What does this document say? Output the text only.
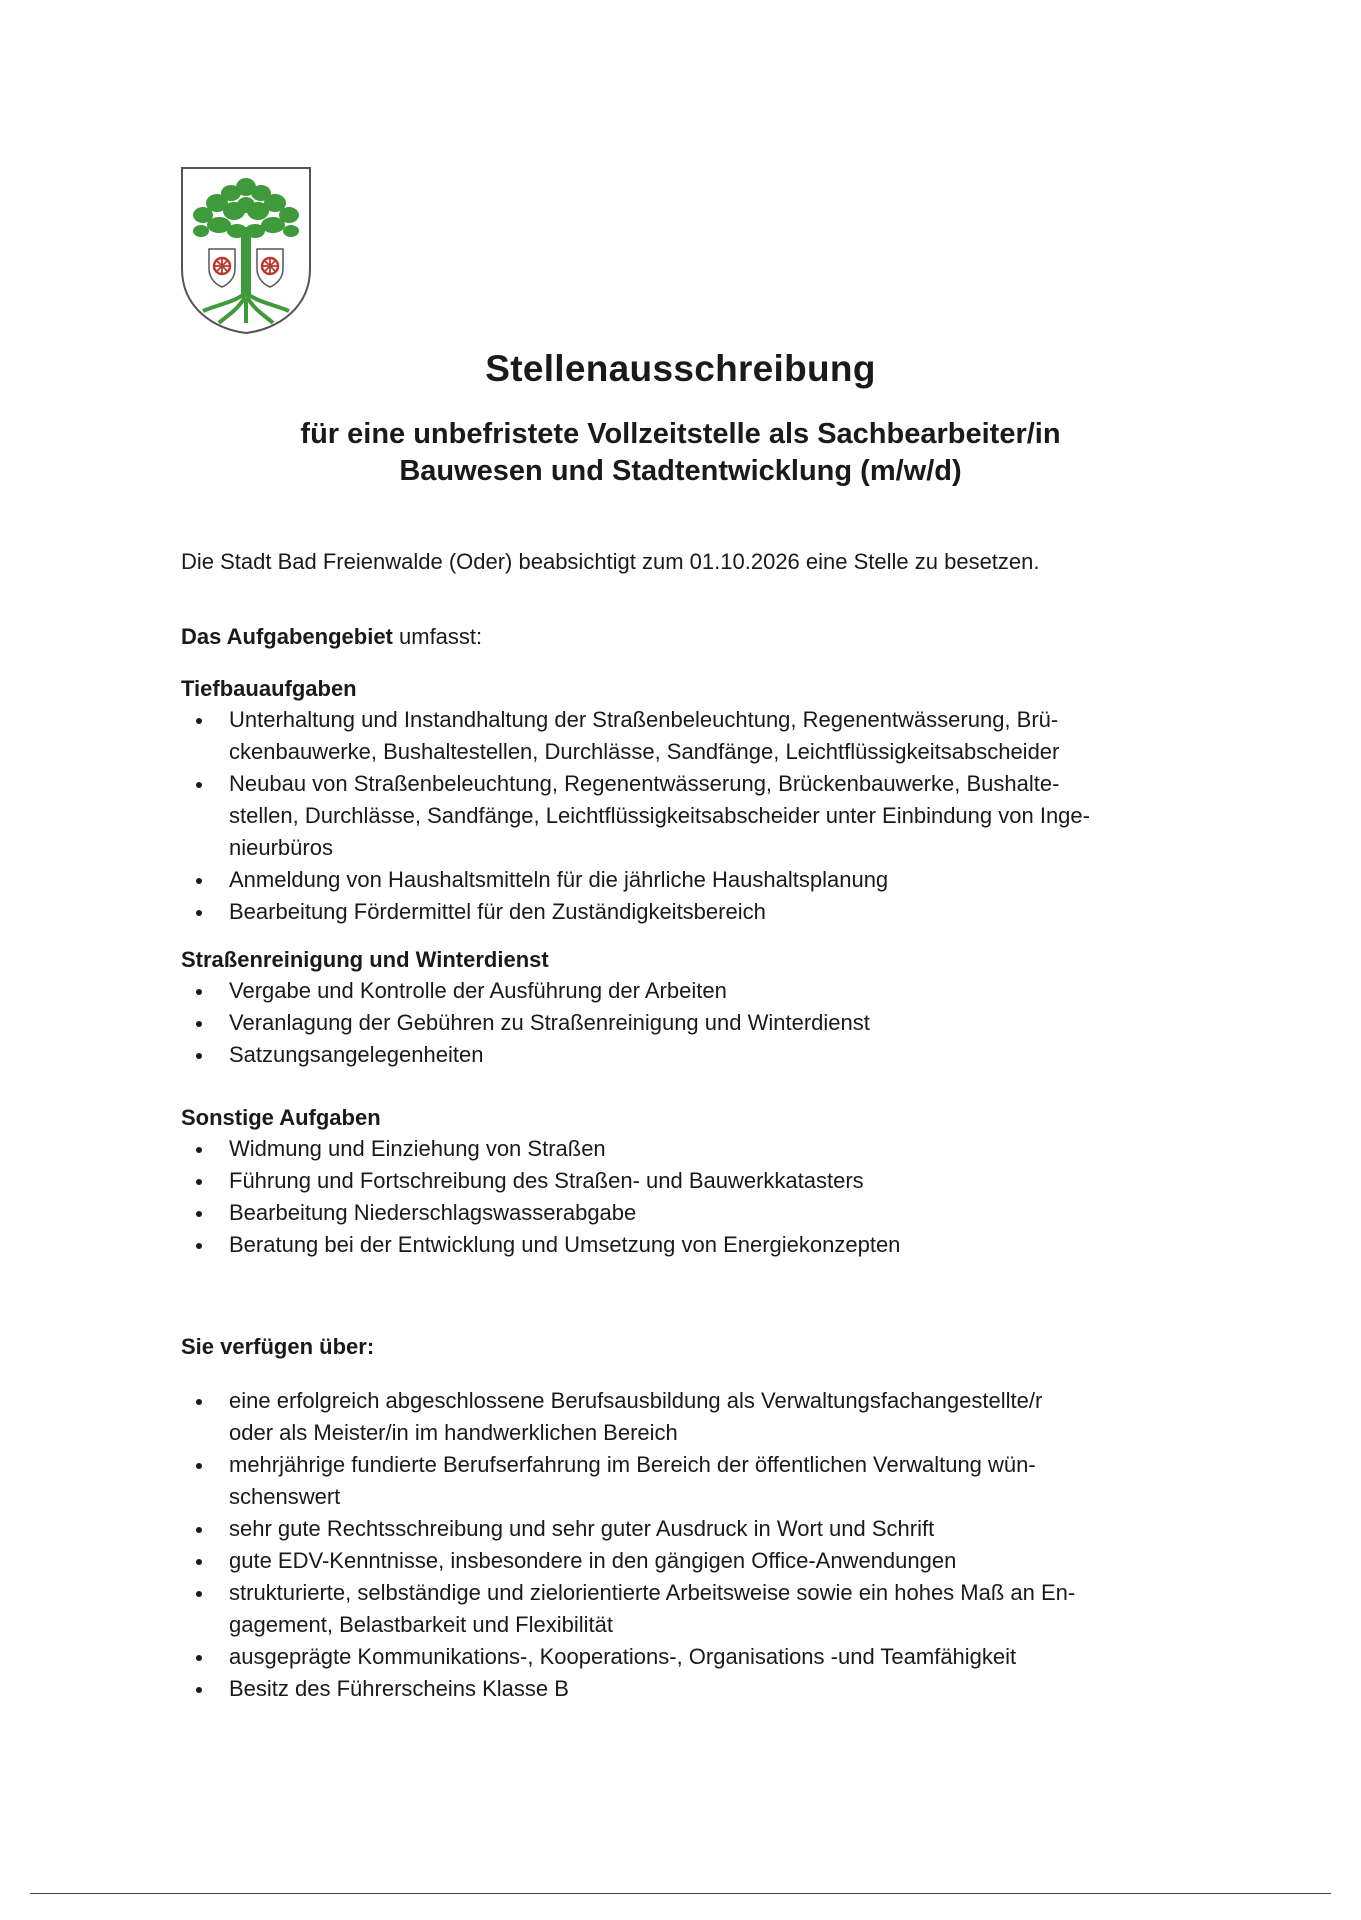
Stellenausschreibung
für eine unbefristete Vollzeitstelle als Sachbearbeiter/in
Bauwesen und Stadtentwicklung (m/w/d)

Die Stadt Bad Freienwalde (Oder) beabsichtigt zum 01.10.2026 eine Stelle zu besetzen.

Das Aufgabengebiet umfasst:
Tiefbauaufgaben
Unterhaltung und Instandhaltung der Straßenbeleuchtung, Regenentwässerung, Brü-
ckenbauwerke, Bushaltestellen, Durchlässe, Sandfänge, Leichtflüssigkeitsabscheider
Neubau von Straßenbeleuchtung, Regenentwässerung, Brückenbauwerke, Bushalte-
stellen, Durchlässe, Sandfänge, Leichtflüssigkeitsabscheider unter Einbindung von Inge-
nieurbüros
Anmeldung von Haushaltsmitteln für die jährliche Haushaltsplanung
Bearbeitung Fördermittel für den Zuständigkeitsbereich
Straßenreinigung und Winterdienst
Vergabe und Kontrolle der Ausführung der Arbeiten
Veranlagung der Gebühren zu Straßenreinigung und Winterdienst
Satzungsangelegenheiten
Sonstige Aufgaben
Widmung und Einziehung von Straßen
Führung und Fortschreibung des Straßen- und Bauwerkkatasters
Bearbeitung Niederschlagswasserabgabe
Beratung bei der Entwicklung und Umsetzung von Energiekonzepten
Sie verfügen über:
eine erfolgreich abgeschlossene Berufsausbildung als Verwaltungsfachangestellte/r
oder als Meister/in im handwerklichen Bereich
mehrjährige fundierte Berufserfahrung im Bereich der öffentlichen Verwaltung wün-
schenswert
sehr gute Rechtsschreibung und sehr guter Ausdruck in Wort und Schrift
gute EDV-Kenntnisse, insbesondere in den gängigen Office-Anwendungen
strukturierte, selbständige und zielorientierte Arbeitsweise sowie ein hohes Maß an En-
gagement, Belastbarkeit und Flexibilität
ausgeprägte Kommunikations-, Kooperations-, Organisations -und Teamfähigkeit
Besitz des Führerscheins Klasse B
